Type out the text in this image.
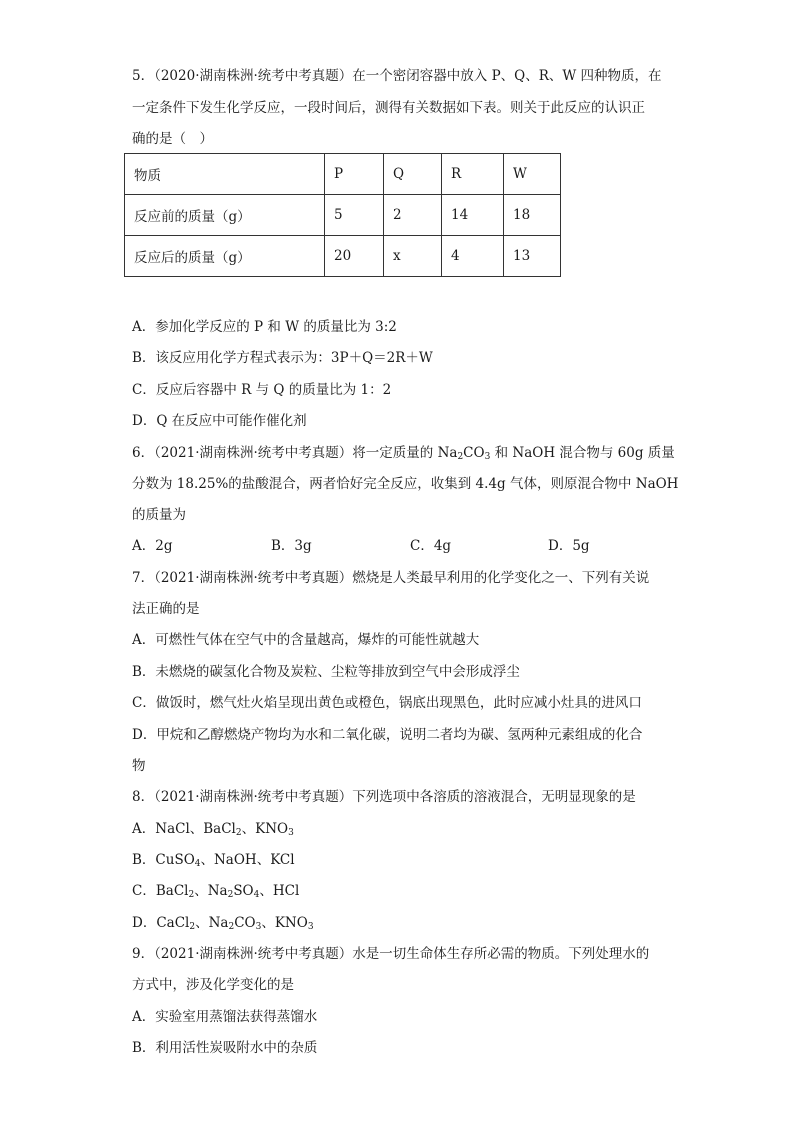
5．（2020·湖南株洲·统考中考真题）在一个密闭容器中放入 P、Q、R、W 四种物质，在
一定条件下发生化学反应，一段时间后，测得有关数据如下表。则关于此反应的认识正
确的是（　）
物质	P	Q	R	W
反应前的质量（g）	5	2	14	18
反应后的质量（g）	20	x	4	13
A．参加化学反应的 P 和 W 的质量比为 3:2
B．该反应用化学方程式表示为：3P＋Q＝2R＋W
C．反应后容器中 R 与 Q 的质量比为 1：2
D．Q 在反应中可能作催化剂
6．（2021·湖南株洲·统考中考真题）将一定质量的 $Na_2CO_3$ 和 NaOH 混合物与 60g 质量
分数为 18.25%的盐酸混合，两者恰好完全反应，收集到 4.4g 气体，则原混合物中 NaOH
的质量为
A．2g	B．3g	C．4g	D．5g
7．（2021·湖南株洲·统考中考真题）燃烧是人类最早利用的化学变化之一、下列有关说
法正确的是
A．可燃性气体在空气中的含量越高，爆炸的可能性就越大
B．未燃烧的碳氢化合物及炭粒、尘粒等排放到空气中会形成浮尘
C．做饭时，燃气灶火焰呈现出黄色或橙色，锅底出现黑色，此时应减小灶具的进风口
D．甲烷和乙醇燃烧产物均为水和二氧化碳，说明二者均为碳、氢两种元素组成的化合
物
8．（2021·湖南株洲·统考中考真题）下列选项中各溶质的溶液混合，无明显现象的是
A．NaCl、BaCl$_2$、$KNO_3$
B．CuSO$_4$、NaOH、KCl
C．BaCl$_2$、$Na_2SO_4$、HCl
D．CaCl$_2$、$Na_2CO_3$、$KNO_3$
9．（2021·湖南株洲·统考中考真题）水是一切生命体生存所必需的物质。下列处理水的
方式中，涉及化学变化的是
A．实验室用蒸馏法获得蒸馏水
B．利用活性炭吸附水中的杂质
